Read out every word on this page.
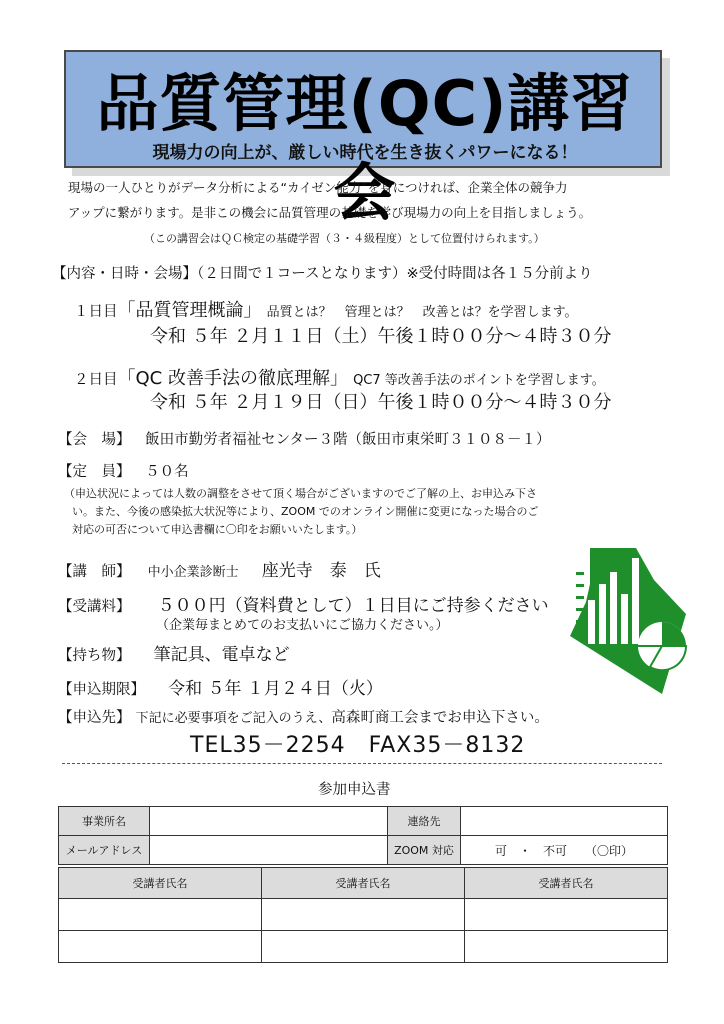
品質管理(QC)講習会
現場力の向上が、厳しい時代を生き抜くパワーになる！
現場の一人ひとりがデータ分析による“カイゼン能力”を身につければ、企業全体の競争力
アップに繋がります。是非この機会に品質管理の基礎を学び現場力の向上を目指しましょう。
（この講習会はＱＣ検定の基礎学習（３・４級程度）として位置付けられます。）
【内容・日時・会場】（２日間で１コースとなります）※受付時間は各１５分前より
１日目「品質管理概論」 品質とは？　管理とは？　改善とは？を学習します。
令和 ５年 ２月１１日（土）午後１時００分～４時３０分
２日目「QC 改善手法の徹底理解」 QC7 等改善手法のポイントを学習します。
令和 ５年 ２月１９日（日）午後１時００分～４時３０分
【会　場】 飯田市勤労者福祉センター３階（飯田市東栄町３１０８－１）
【定　員】 ５０名
（申込状況によっては人数の調整をさせて頂く場合がございますのでご了解の上、お申込み下さ
い。また、今後の感染拡大状況等により、ZOOM でのオンライン開催に変更になった場合のご
対応の可否について申込書欄に〇印をお願いいたします。）
【講　師】 中小企業診断士 座光寺　泰　氏
【受講料】 ５００円（資料費として）１日目にご持参ください
（企業毎まとめてのお支払いにご協力ください。）
【持ち物】 筆記具、電卓など
【申込期限】 令和 ５年 １月２４日（火）
【申込先】 下記に必要事項をご記入のうえ、高森町商工会までお申込下さい。
TEL35－2254　FAX35－8132
参加申込書
事業所名		連絡先	
メールアドレス		ZOOM 対応	可　・　不可　　（〇印）
受講者氏名	受講者氏名	受講者氏名
